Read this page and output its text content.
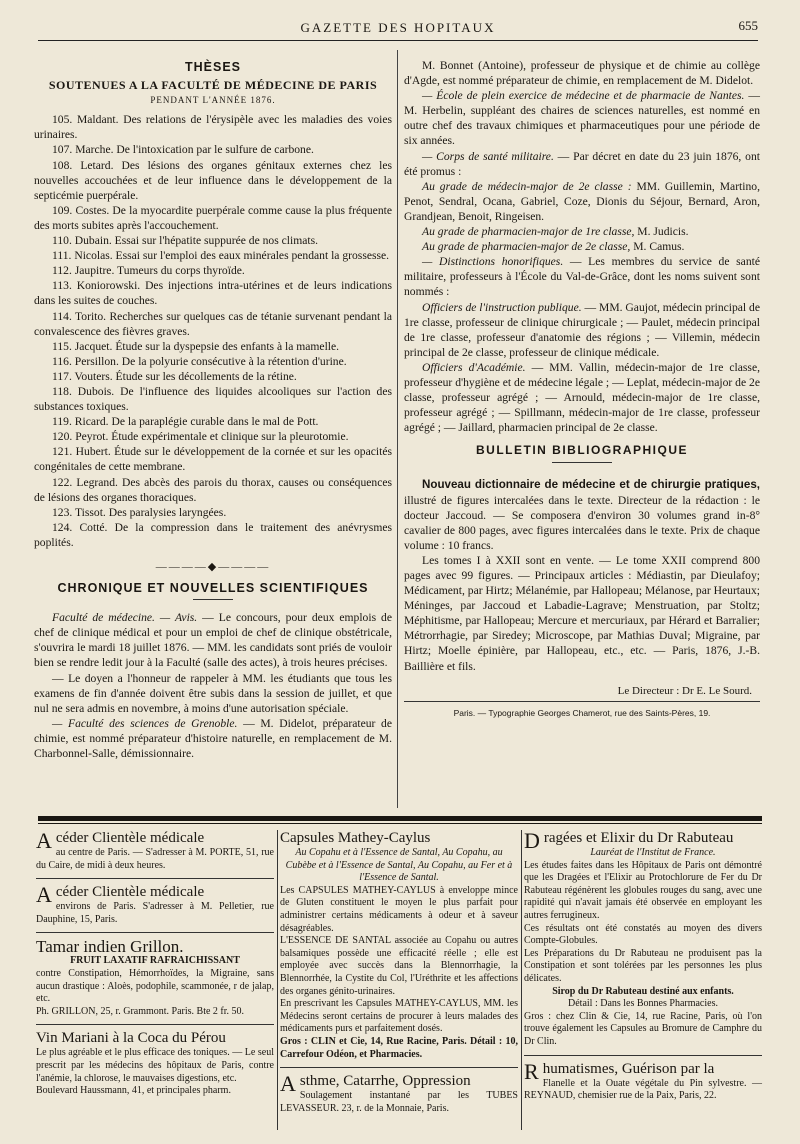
GAZETTE DES HOPITAUX	655
THÈSES
SOUTENUES A LA FACULTÉ DE MÉDECINE DE PARIS
PENDANT L'ANNÉE 1876.

105. Maldant. Des relations de l'érysipèle avec les maladies des voies urinaires.

107. Marche. De l'intoxication par le sulfure de carbone.

108. Letard. Des lésions des organes génitaux externes chez les nouvelles accouchées et de leur influence dans le développement de la septicémie puerpérale.

109. Costes. De la myocardite puerpérale comme cause la plus fréquente des morts subites après l'accouchement.

110. Dubain. Essai sur l'hépatite suppurée de nos climats.

111. Nicolas. Essai sur l'emploi des eaux minérales pendant la grossesse.

112. Jaupitre. Tumeurs du corps thyroïde.

113. Koniorowski. Des injections intra-utérines et de leurs indications dans les suites de couches.

114. Torito. Recherches sur quelques cas de tétanie survenant pendant la convalescence des fièvres graves.

115. Jacquet. Étude sur la dyspepsie des enfants à la mamelle.

116. Persillon. De la polyurie consécutive à la rétention d'urine.

117. Vouters. Étude sur les décollements de la rétine.

118. Dubois. De l'influence des liquides alcooliques sur l'action des substances toxiques.

119. Ricard. De la paraplégie curable dans le mal de Pott.

120. Peyrot. Étude expérimentale et clinique sur la pleurotomie.

121. Hubert. Étude sur le développement de la cornée et sur les opacités congénitales de cette membrane.

122. Legrand. Des abcès des parois du thorax, causes ou conséquences de lésions des organes thoraciques.

123. Tissot. Des paralysies laryngées.

124. Cotté. De la compression dans le traitement des anévrysmes poplités.

————◆————
CHRONIQUE ET NOUVELLES SCIENTIFIQUES

Faculté de médecine. — Avis. — Le concours, pour deux emplois de chef de clinique médical et pour un emploi de chef de clinique obstétricale, s'ouvrira le mardi 18 juillet 1876. — MM. les candidats sont priés de vouloir bien se rendre ledit jour à la Faculté (salle des actes), à trois heures précises.

— Le doyen a l'honneur de rappeler à MM. les étudiants que tous les examens de fin d'année doivent être subis dans la session de juillet, et que nul ne sera admis en novembre, à moins d'une autorisation spéciale.

— Faculté des sciences de Grenoble. — M. Didelot, préparateur de chimie, est nommé préparateur d'histoire naturelle, en remplacement de M. Charbonnel-Salle, démissionnaire.

M. Bonnet (Antoine), professeur de physique et de chimie au collège d'Agde, est nommé préparateur de chimie, en remplacement de M. Didelot.

— École de plein exercice de médecine et de pharmacie de Nantes. — M. Herbelin, suppléant des chaires de sciences naturelles, est nommé en outre chef des travaux chimiques et pharmaceutiques pour une période de six années.

— Corps de santé militaire. — Par décret en date du 23 juin 1876, ont été promus :

Au grade de médecin-major de 2e classe : MM. Guillemin, Martino, Penot, Sendral, Ocana, Gabriel, Coze, Dionis du Séjour, Bernard, Aron, Grandjean, Benoit, Ringeisen.

Au grade de pharmacien-major de 1re classe, M. Judicis.

Au grade de pharmacien-major de 2e classe, M. Camus.

— Distinctions honorifiques. — Les membres du service de santé militaire, professeurs à l'École du Val-de-Grâce, dont les noms suivent sont nommés :

Officiers de l'instruction publique. — MM. Gaujot, médecin principal de 1re classe, professeur de clinique chirurgicale ; — Paulet, médecin principal de 1re classe, professeur d'anatomie des régions ; — Villemin, médecin principal de 2e classe, professeur de clinique médicale.

Officiers d'Académie. — MM. Vallin, médecin-major de 1re classe, professeur d'hygiène et de médecine légale ; — Leplat, médecin-major de 2e classe, professeur agrégé ; — Arnould, médecin-major de 1re classe, professeur agrégé ; — Spillmann, médecin-major de 1re classe, professeur agrégé ; — Jaillard, pharmacien principal de 2e classe.

BULLETIN BIBLIOGRAPHIQUE

Nouveau dictionnaire de médecine et de chirurgie pratiques, illustré de figures intercalées dans le texte. Directeur de la rédaction : le docteur Jaccoud. — Se composera d'environ 30 volumes grand in-8° cavalier de 800 pages, avec figures intercalées dans le texte. Prix de chaque volume : 10 francs.

Les tomes I à XXII sont en vente. — Le tome XXII comprend 800 pages avec 99 figures. — Principaux articles : Médiastin, par Dieulafoy; Médicament, par Hirtz; Mélanémie, par Hallopeau; Mélanose, par Heurtaux; Méninges, par Jaccoud et Labadie-Lagrave; Menstruation, par Stoltz; Méphitisme, par Hallopeau; Mercure et mercuriaux, par Hérard et Barralier; Métrorrhagie, par Siredey; Microscope, par Mathias Duval; Migraine, par Hirtz; Moelle épinière, par Hallopeau, etc., etc. — Paris, 1876, J.-B. Baillière et fils.

Le Directeur : Dr E. Le Sourd.
Paris. — Typographie Georges Chamerot, rue des Saints-Pères, 19.
A céder Clientèle médicale
au centre de Paris. — S'adresser à M. PORTE, 51, rue du Caire, de midi à deux heures.
A céder Clientèle médicale
environs de Paris. S'adresser à M. Pelletier, rue Dauphine, 15, Paris.
Tamar indien Grillon.
FRUIT LAXATIF RAFRAICHISSANT
contre Constipation, Hémorrhoïdes, la Migraine, sans aucun drastique : Aloès, podophile, scammonée, r de jalap, etc.
Ph. GRILLON, 25, r. Grammont. Paris. Bte 2 fr. 50.
Vin Mariani à la Coca du Pérou
Le plus agréable et le plus efficace des toniques. — Le seul prescrit par les médecins des hôpitaux de Paris, contre l'anémie, la chlorose, le mauvaises digestions, etc.
Boulevard Haussmann, 41, et principales pharm.
Capsules Mathey-Caylus
Au Copahu et à l'Essence de Santal, Au Copahu, au Cubèbe et à l'Essence de Santal, Au Copahu, au Fer et à l'Essence de Santal.
Les CAPSULES MATHEY-CAYLUS à enveloppe mince de Gluten constituent le moyen le plus parfait pour administrer certains médicaments à odeur et à saveur désagréables.
L'ESSENCE DE SANTAL associée au Copahu ou autres balsamiques possède une efficacité réelle ; elle est employée avec succès dans la Blennorrhagie, la Blennorrhée, la Cystite du Col, l'Uréthrite et les affections des organes génito-urinaires.
En prescrivant les Capsules MATHEY-CAYLUS, MM. les Médecins seront certains de procurer à leurs malades des médicaments purs et parfaitement dosés.
Gros : CLIN et Cie, 14, Rue Racine, Paris. Détail : 10, Carrefour Odéon, et Pharmacies.
A sthme, Catarrhe, Oppression
Soulagement instantané par les TUBES LEVASSEUR. 23, r. de la Monnaie, Paris.
D ragées et Elixir du Dr Rabuteau
Lauréat de l'Institut de France.
Les études faites dans les Hôpitaux de Paris ont démontré que les Dragées et l'Elixir au Protochlorure de Fer du Dr Rabuteau régénèrent les globules rouges du sang, avec une rapidité qui n'avait jamais été observée en employant les autres ferrugineux.
Ces résultats ont été constatés au moyen des divers Compte-Globules.
Les Préparations du Dr Rabuteau ne produisent pas la Constipation et sont tolérées par les personnes les plus délicates.
Sirop du Dr Rabuteau destiné aux enfants.
Détail : Dans les Bonnes Pharmacies.
Gros : chez Clin & Cie, 14, rue Racine, Paris, où l'on trouve également les Capsules au Bromure de Camphre du Dr Clin.
R humatismes, Guérison par la
Flanelle et la Ouate végétale du Pin sylvestre. — REYNAUD, chemisier rue de la Paix, Paris, 22.
